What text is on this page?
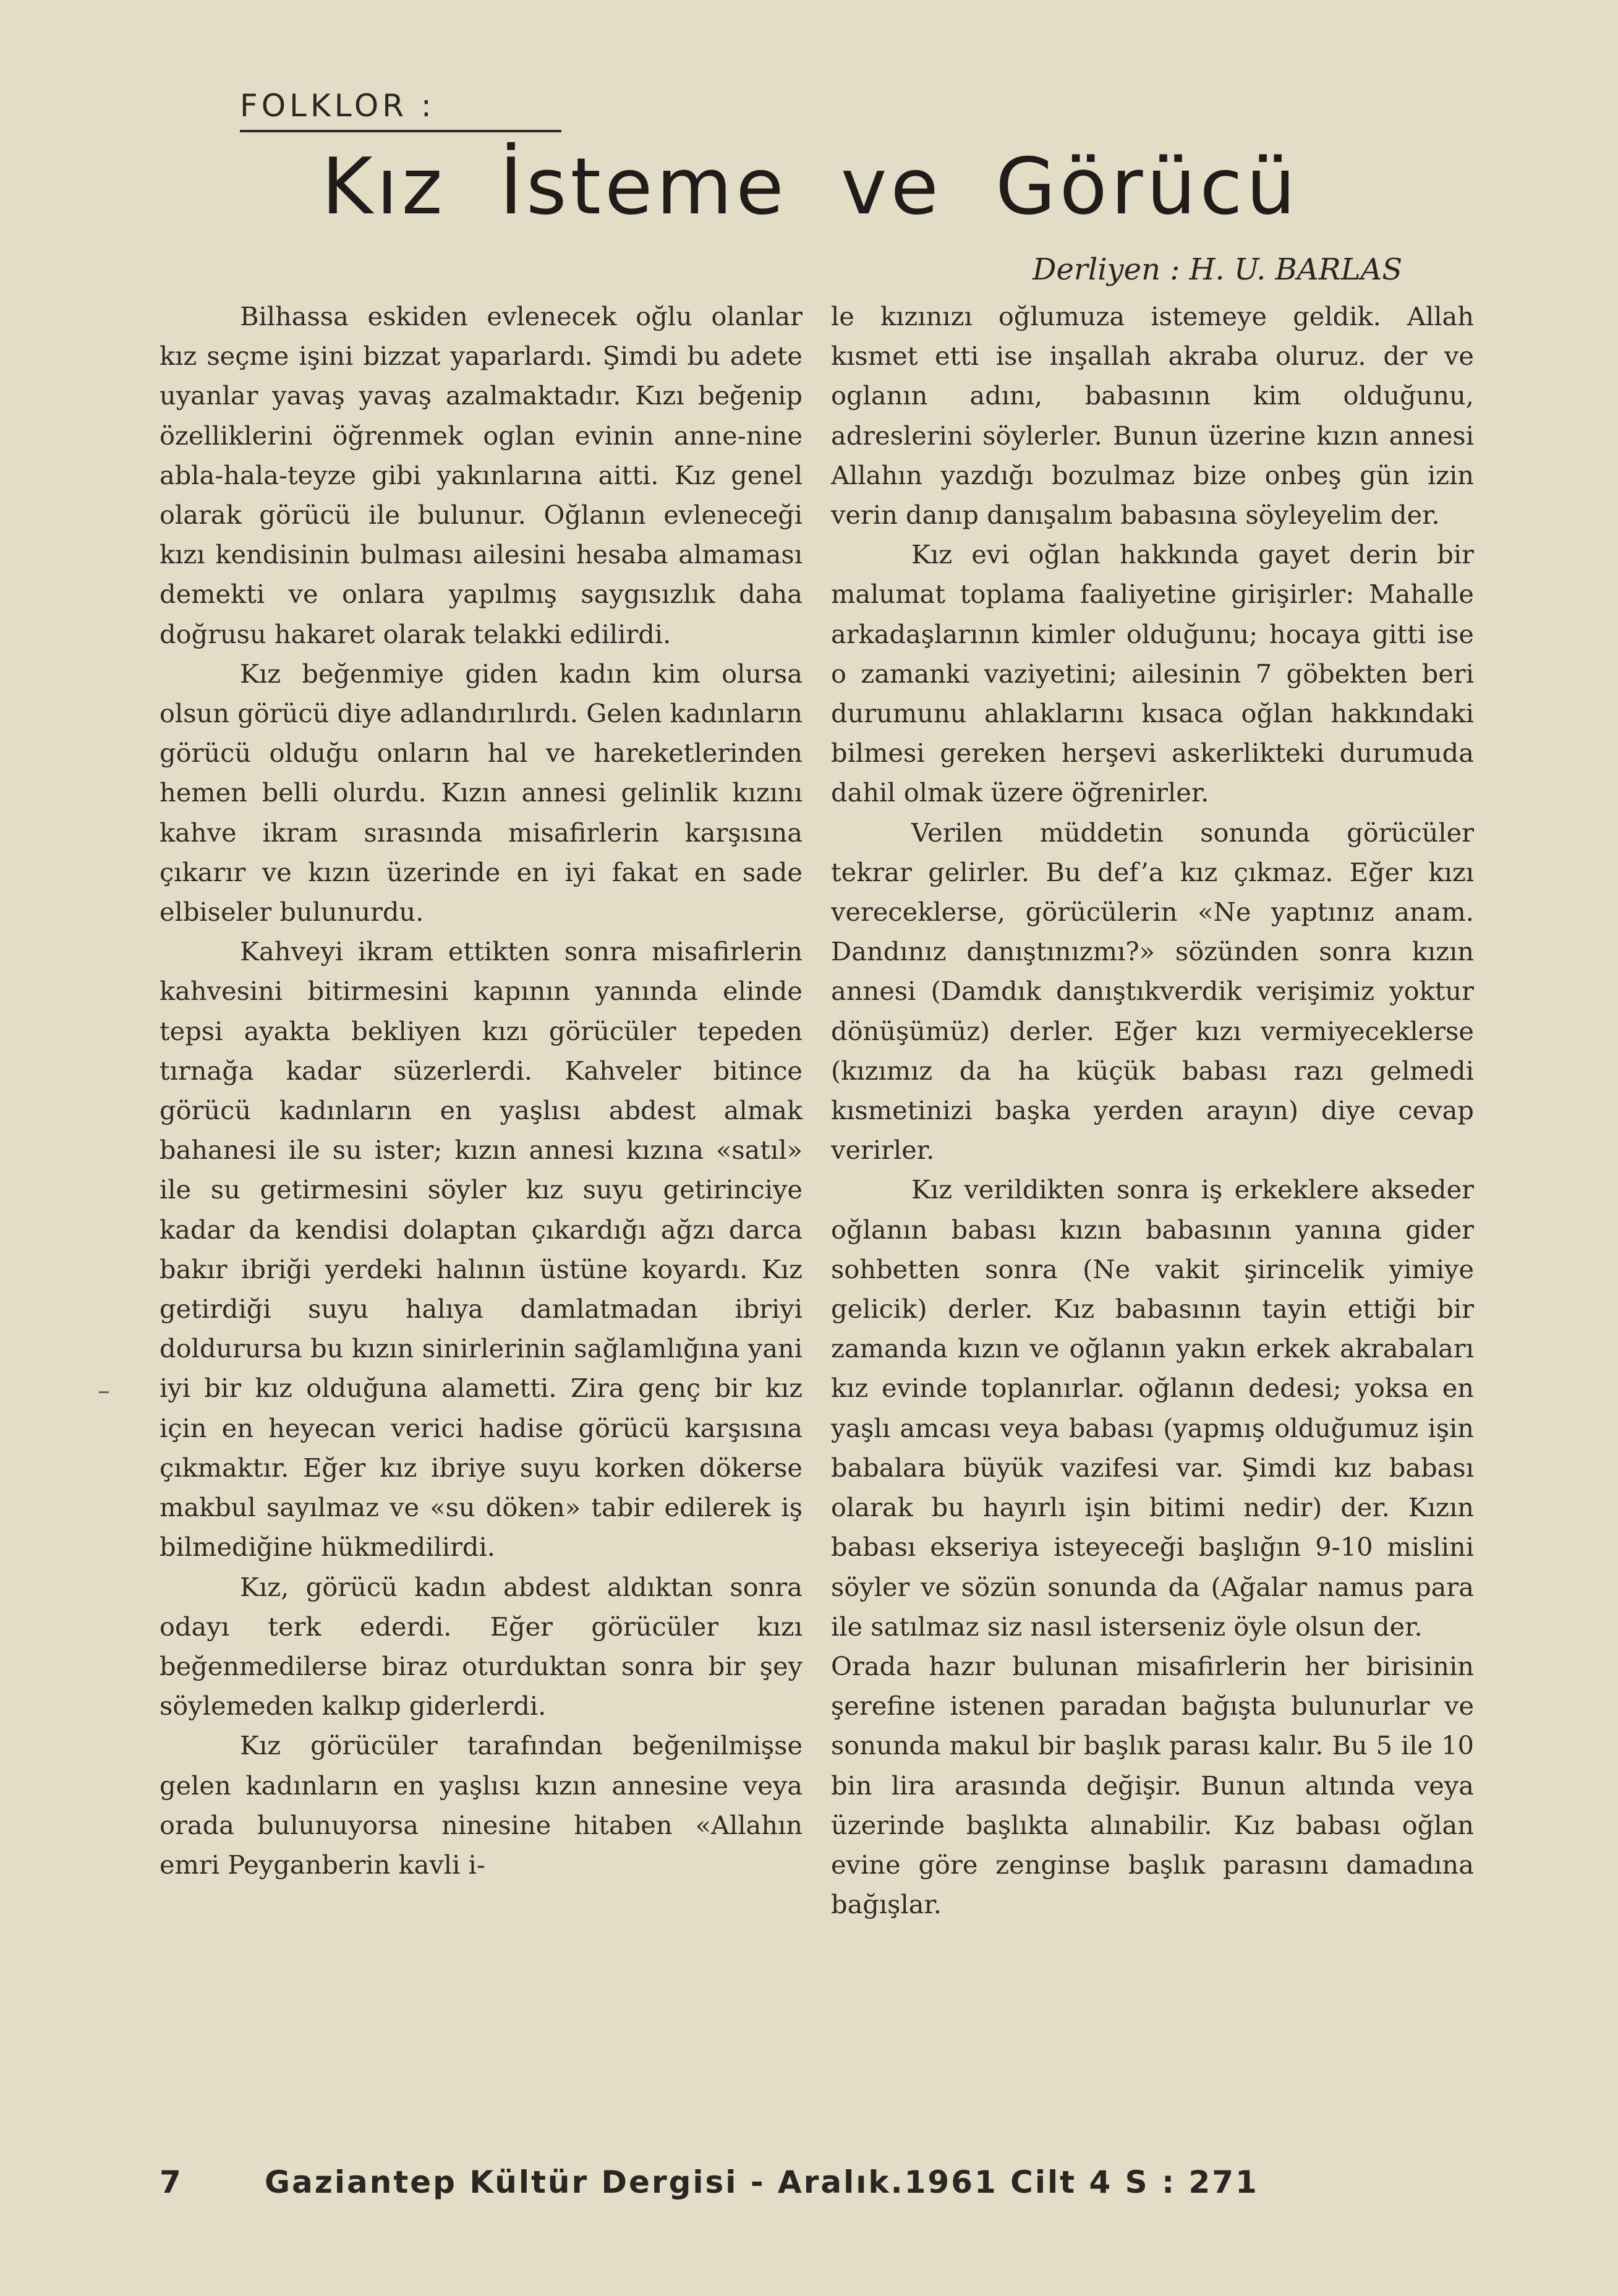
FOLKLOR :
Kız İsteme ve Görücü
Derliyen : H. U. BARLAS

Bilhassa eskiden evlenecek oğlu olanlar kız seçme işini bizzat yaparlardı. Şimdi bu adete uyanlar yavaş yavaş azalmaktadır. Kızı beğenip özelliklerini öğrenmek oglan evinin anne-nine abla-hala-teyze gibi yakınlarına aitti. Kız genel olarak görücü ile bulunur. Oğlanın evleneceği kızı kendisinin bulması ailesini hesaba almaması demekti ve onlara yapılmış saygısızlık daha doğrusu hakaret olarak telakki edilirdi.

Kız beğenmiye giden kadın kim olursa olsun görücü diye adlandırılırdı. Gelen kadınların görücü olduğu onların hal ve hareketlerinden hemen belli olurdu. Kızın annesi gelinlik kızını kahve ikram sırasında misafirlerin karşısına çıkarır ve kızın üzerinde en iyi fakat en sade elbiseler bulunurdu.

Kahveyi ikram ettikten sonra misafirlerin kahvesini bitirmesini kapının yanında elinde tepsi ayakta bekliyen kızı görücüler tepeden tırnağa kadar süzerlerdi. Kahveler bitince görücü kadınların en yaşlısı abdest almak bahanesi ile su ister; kızın annesi kızına «satıl» ile su getirmesini söyler kız suyu getirinciye kadar da kendisi dolaptan çıkardığı ağzı darca bakır ibriği yerdeki halının üstüne koyardı. Kız getirdiği suyu halıya damlatmadan ibriyi doldurursa bu kızın sinirlerinin sağlamlığına yani iyi bir kız olduğuna alametti. Zira genç bir kız için en heyecan verici hadise görücü karşısına çıkmaktır. Eğer kız ibriye suyu korken dökerse makbul sayılmaz ve «su döken» tabir edilerek iş bilmediğine hükmedilirdi.

Kız, görücü kadın abdest aldıktan sonra odayı terk ederdi. Eğer görücüler kızı beğenmedilerse biraz oturduktan sonra bir şey söylemeden kalkıp giderlerdi.

Kız görücüler tarafından beğenilmişse gelen kadınların en yaşlısı kızın annesine veya orada bulunuyorsa ninesine hitaben «Allahın emri Peyganberin kavli i-

le kızınızı oğlumuza istemeye geldik. Allah kısmet etti ise inşallah akraba oluruz. der ve oglanın adını, babasının kim olduğunu, adreslerini söylerler. Bunun üzerine kızın annesi Allahın yazdığı bozulmaz bize onbeş gün izin verin danıp danışalım babasına söyleyelim der.

Kız evi oğlan hakkında gayet derin bir malumat toplama faaliyetine girişirler: Mahalle arkadaşlarının kimler olduğunu; hocaya gitti ise o zamanki vaziyetini; ailesinin 7 göbekten beri durumunu ahlaklarını kısaca oğlan hakkındaki bilmesi gereken herşevi askerlikteki durumuda dahil olmak üzere öğrenirler.

Verilen müddetin sonunda görücüler tekrar gelirler. Bu def’a kız çıkmaz. Eğer kızı vereceklerse, görücülerin «Ne yaptınız anam. Dandınız danıştınızmı?» sözünden sonra kızın annesi (Damdık danıştıkverdik verişimiz yoktur dönüşümüz) derler. Eğer kızı vermiyeceklerse (kızımız da ha küçük babası razı gelmedi kısmetinizi başka yerden arayın) diye cevap verirler.

Kız verildikten sonra iş erkeklere akseder oğlanın babası kızın babasının yanına gider sohbetten sonra (Ne vakit şirincelik yimiye gelicik) derler. Kız babasının tayin ettiği bir zamanda kızın ve oğlanın yakın erkek akrabaları kız evinde toplanırlar. oğlanın dedesi; yoksa en yaşlı amcası veya babası (yapmış olduğumuz işin babalara büyük vazifesi var. Şimdi kız babası olarak bu hayırlı işin bitimi nedir) der. Kızın babası ekseriya isteyeceği başlığın 9-10 mislini söyler ve sözün sonunda da (Ağalar namus para ile satılmaz siz nasıl isterseniz öyle olsun der.

Orada hazır bulunan misafirlerin her birisinin şerefine istenen paradan bağışta bulunurlar ve sonunda makul bir başlık parası kalır. Bu 5 ile 10 bin lira arasında değişir. Bunun altında veya üzerinde başlıkta alınabilir. Kız babası oğlan evine göre zenginse başlık parasını damadına bağışlar.

7	Gaziantep Kültür Dergisi - Aralık.1961 Cilt 4 S : 271
